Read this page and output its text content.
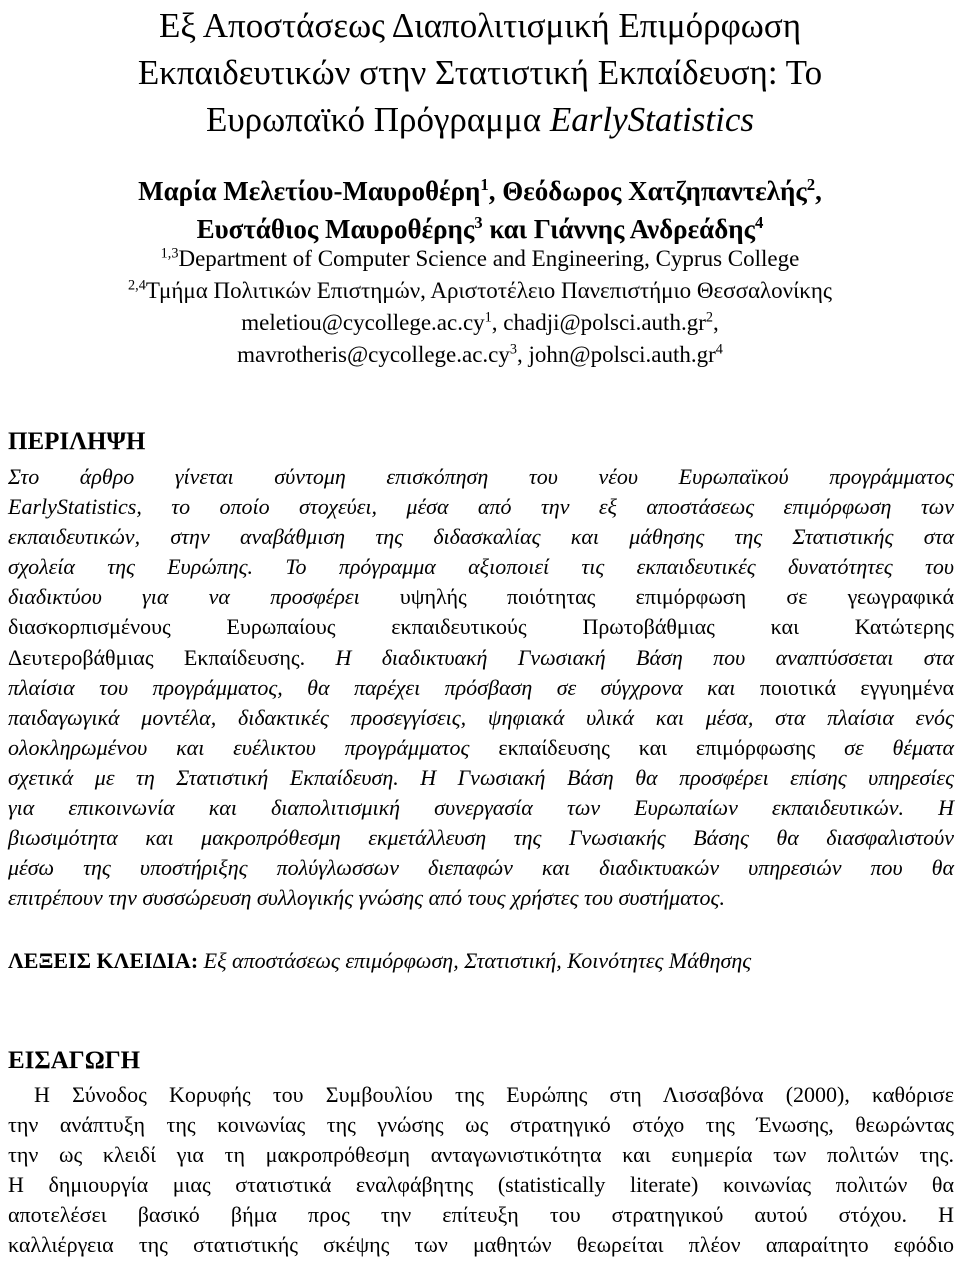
Εξ Αποστάσεως Διαπολιτισμική Επιμόρφωση
Εκπαιδευτικών στην Στατιστική Εκπαίδευση: Το
Ευρωπαϊκό Πρόγραμμα EarlyStatistics
Μαρία Μελετίου-Μαυροθέρη$^1$, Θεόδωρος Χατζηπαντελής$^2$,
Ευστάθιος Μαυροθέρης$^3$ και Γιάννης Ανδρεάδης$^4$
$^{1,3}$Department of Computer Science and Engineering, Cyprus College
$^{2,4}$Τμήμα Πολιτικών Επιστημών, Αριστοτέλειο Πανεπιστήμιο Θεσσαλονίκης
$meletiou@cycollege.ac.cy^1$, $chadji@polsci.auth.gr^2$,
$mavrotheris@cycollege.ac.cy^3$, $john@polsci.auth.gr^4$
ΠΕΡΙΛΗΨΗ
Στο άρθρο γίνεται σύντομη επισκόπηση του νέου Ευρωπαϊκού προγράμματος
EarlyStatistics, το οποίο στοχεύει, μέσα από την εξ αποστάσεως επιμόρφωση των
εκπαιδευτικών, στην αναβάθμιση της διδασκαλίας και μάθησης της Στατιστικής στα
σχολεία της Ευρώπης. Το πρόγραμμα αξιοποιεί τις εκπαιδευτικές δυνατότητες του
διαδικτύου για να προσφέρει υψηλής ποιότητας επιμόρφωση σε γεωγραφικά
διασκορπισμένους Ευρωπαίους εκπαιδευτικούς Πρωτοβάθμιας και Κατώτερης
Δευτεροβάθμιας Εκπαίδευσης. Η διαδικτυακή Γνωσιακή Βάση που αναπτύσσεται στα
πλαίσια του προγράμματος, θα παρέχει πρόσβαση σε σύγχρονα και ποιοτικά εγγυημένα
παιδαγωγικά μοντέλα, διδακτικές προσεγγίσεις, ψηφιακά υλικά και μέσα, στα πλαίσια ενός
ολοκληρωμένου και ευέλικτου προγράμματος εκπαίδευσης και επιμόρφωσης σε θέματα
σχετικά με τη Στατιστική Εκπαίδευση. Η Γνωσιακή Βάση θα προσφέρει επίσης υπηρεσίες
για επικοινωνία και διαπολιτισμική συνεργασία των Ευρωπαίων εκπαιδευτικών. Η
βιωσιμότητα και μακροπρόθεσμη εκμετάλλευση της Γνωσιακής Βάσης θα διασφαλιστούν
μέσω της υποστήριξης πολύγλωσσων διεπαφών και διαδικτυακών υπηρεσιών που θα
επιτρέπουν την συσσώρευση συλλογικής γνώσης από τους χρήστες του συστήματος.
ΛΕΞΕΙΣ ΚΛΕΙΔΙΑ: Εξ αποστάσεως επιμόρφωση, Στατιστική, Κοινότητες Μάθησης
ΕΙΣΑΓΩΓΗ
Η Σύνοδος Κορυφής του Συμβουλίου της Ευρώπης στη Λισσαβόνα (2000), καθόρισε
την ανάπτυξη της κοινωνίας της γνώσης ως στρατηγικό στόχο της Ένωσης, θεωρώντας
την ως κλειδί για τη μακροπρόθεσμη ανταγωνιστικότητα και ευημερία των πολιτών της.
Η δημιουργία μιας στατιστικά εναλφάβητης (statistically literate) κοινωνίας πολιτών θα
αποτελέσει βασικό βήμα προς την επίτευξη του στρατηγικού αυτού στόχου. Η
καλλιέργεια της στατιστικής σκέψης των μαθητών θεωρείται πλέον απαραίτητο εφόδιο
